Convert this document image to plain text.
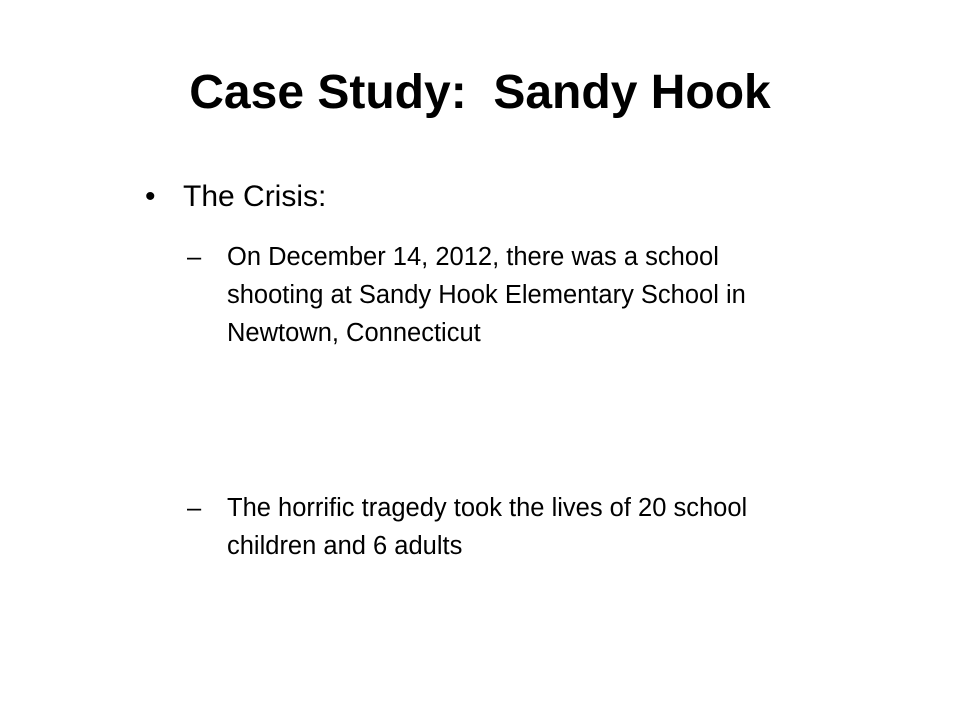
Case Study:  Sandy Hook
• The Crisis:
–	On December 14, 2012, there was a school shooting at Sandy Hook Elementary School in Newtown, Connecticut
–	The horrific tragedy took the lives of 20 school children and 6 adults
